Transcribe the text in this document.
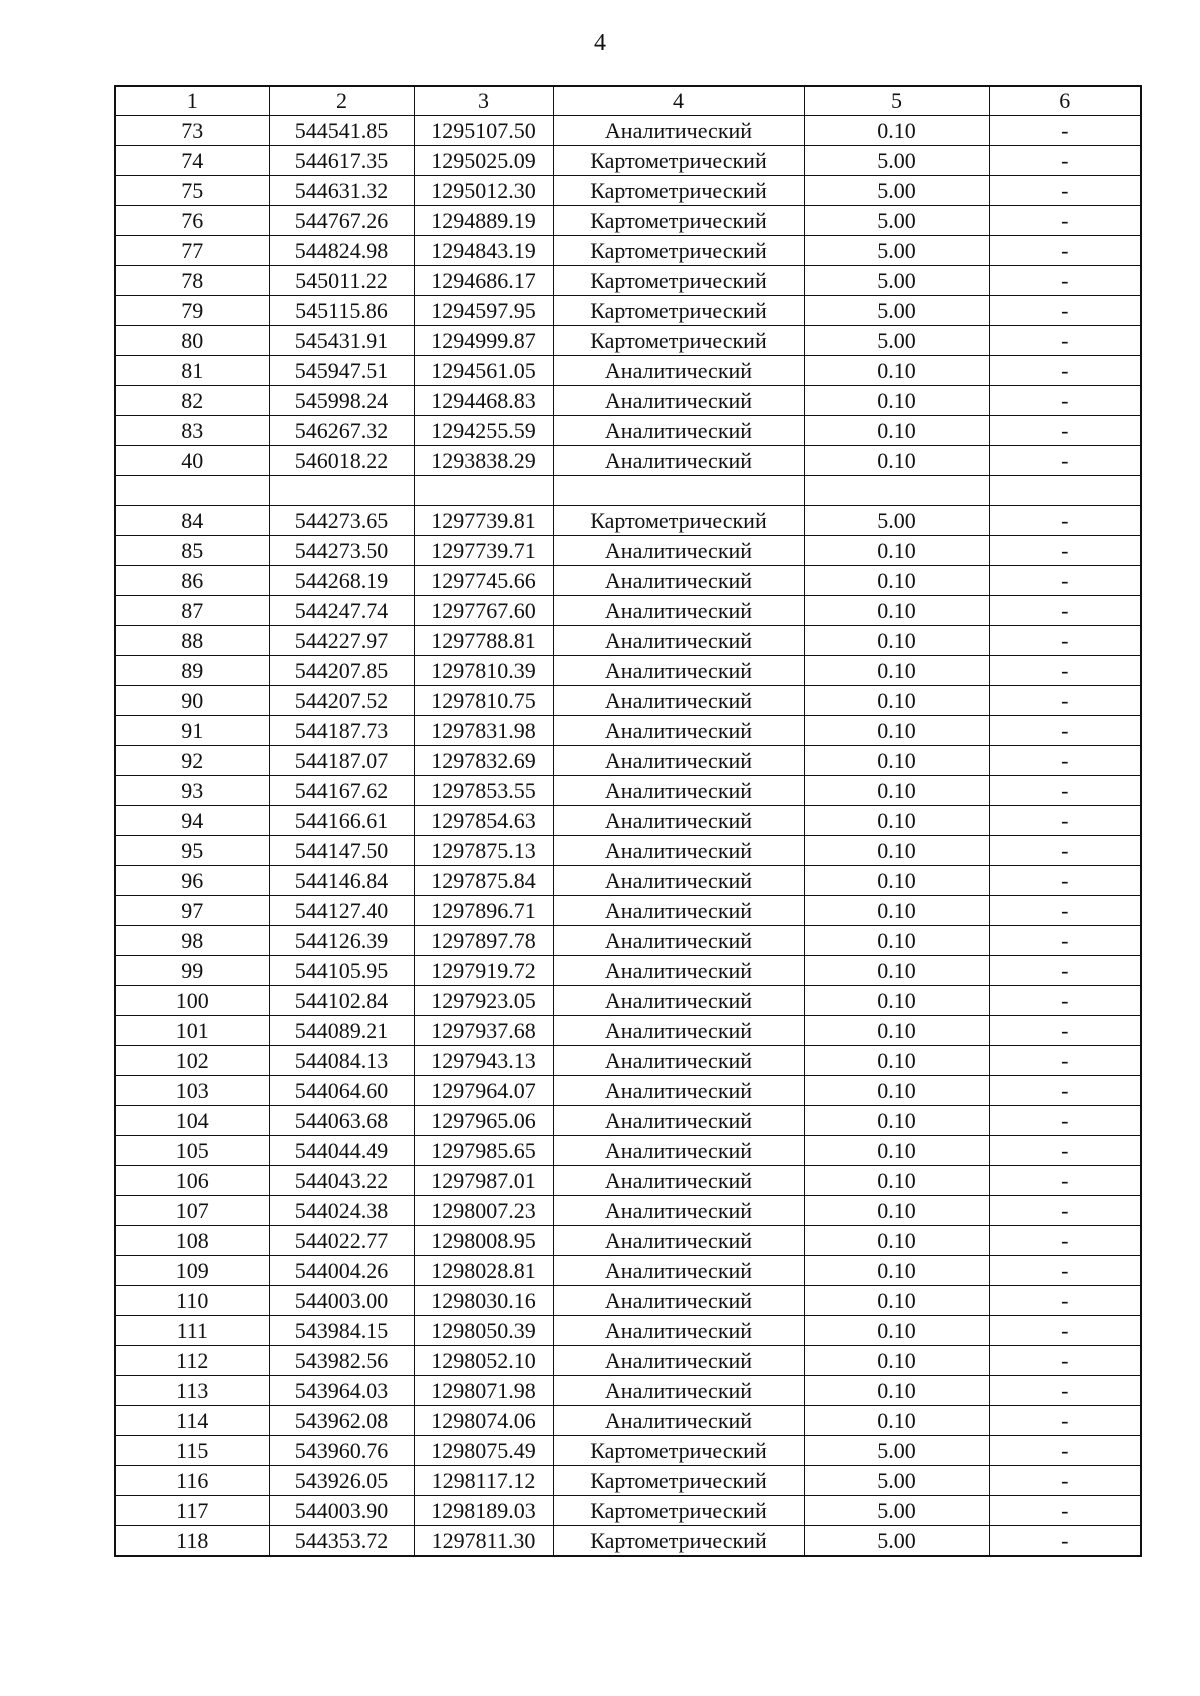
4
1	2	3	4	5	6
73	544541.85	1295107.50	Аналитический	0.10	-
74	544617.35	1295025.09	Картометрический	5.00	-
75	544631.32	1295012.30	Картометрический	5.00	-
76	544767.26	1294889.19	Картометрический	5.00	-
77	544824.98	1294843.19	Картометрический	5.00	-
78	545011.22	1294686.17	Картометрический	5.00	-
79	545115.86	1294597.95	Картометрический	5.00	-
80	545431.91	1294999.87	Картометрический	5.00	-
81	545947.51	1294561.05	Аналитический	0.10	-
82	545998.24	1294468.83	Аналитический	0.10	-
83	546267.32	1294255.59	Аналитический	0.10	-
40	546018.22	1293838.29	Аналитический	0.10	-

84	544273.65	1297739.81	Картометрический	5.00	-
85	544273.50	1297739.71	Аналитический	0.10	-
86	544268.19	1297745.66	Аналитический	0.10	-
87	544247.74	1297767.60	Аналитический	0.10	-
88	544227.97	1297788.81	Аналитический	0.10	-
89	544207.85	1297810.39	Аналитический	0.10	-
90	544207.52	1297810.75	Аналитический	0.10	-
91	544187.73	1297831.98	Аналитический	0.10	-
92	544187.07	1297832.69	Аналитический	0.10	-
93	544167.62	1297853.55	Аналитический	0.10	-
94	544166.61	1297854.63	Аналитический	0.10	-
95	544147.50	1297875.13	Аналитический	0.10	-
96	544146.84	1297875.84	Аналитический	0.10	-
97	544127.40	1297896.71	Аналитический	0.10	-
98	544126.39	1297897.78	Аналитический	0.10	-
99	544105.95	1297919.72	Аналитический	0.10	-
100	544102.84	1297923.05	Аналитический	0.10	-
101	544089.21	1297937.68	Аналитический	0.10	-
102	544084.13	1297943.13	Аналитический	0.10	-
103	544064.60	1297964.07	Аналитический	0.10	-
104	544063.68	1297965.06	Аналитический	0.10	-
105	544044.49	1297985.65	Аналитический	0.10	-
106	544043.22	1297987.01	Аналитический	0.10	-
107	544024.38	1298007.23	Аналитический	0.10	-
108	544022.77	1298008.95	Аналитический	0.10	-
109	544004.26	1298028.81	Аналитический	0.10	-
110	544003.00	1298030.16	Аналитический	0.10	-
111	543984.15	1298050.39	Аналитический	0.10	-
112	543982.56	1298052.10	Аналитический	0.10	-
113	543964.03	1298071.98	Аналитический	0.10	-
114	543962.08	1298074.06	Аналитический	0.10	-
115	543960.76	1298075.49	Картометрический	5.00	-
116	543926.05	1298117.12	Картометрический	5.00	-
117	544003.90	1298189.03	Картометрический	5.00	-
118	544353.72	1297811.30	Картометрический	5.00	-
